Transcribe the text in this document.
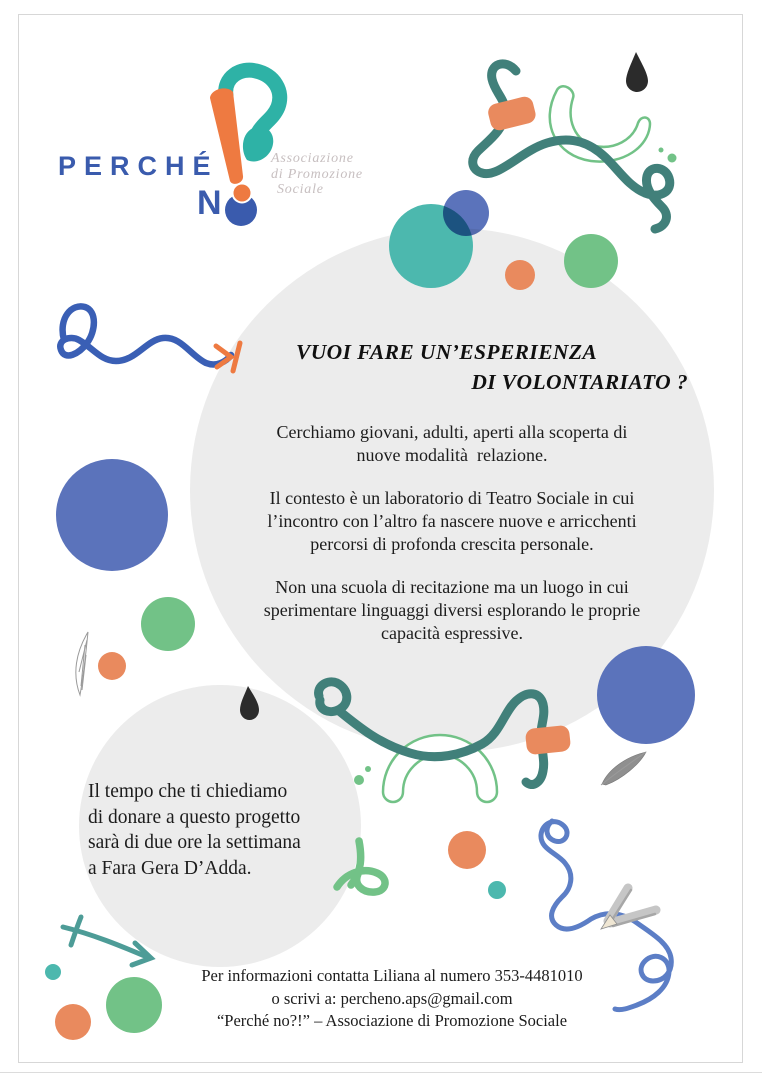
PERCHÉ
N
Associazione
di Promozione
Sociale
VUOI FARE UN’ESPERIENZA
DI VOLONTARIATO ?
Cerchiamo giovani, adulti, aperti alla scoperta di
nuove modalità  relazione.
Il contesto è un laboratorio di Teatro Sociale in cui
l’incontro con l’altro fa nascere nuove e arricchenti
percorsi di profonda crescita personale.
Non una scuola di recitazione ma un luogo in cui
sperimentare linguaggi diversi esplorando le proprie
capacità espressive.
Il tempo che ti chiediamo
di donare a questo progetto
sarà di due ore la settimana
a Fara Gera D’Adda.
Per informazioni contatta Liliana al numero 353-4481010
o scrivi a: percheno.aps@gmail.com
“Perché no?!” – Associazione di Promozione Sociale
